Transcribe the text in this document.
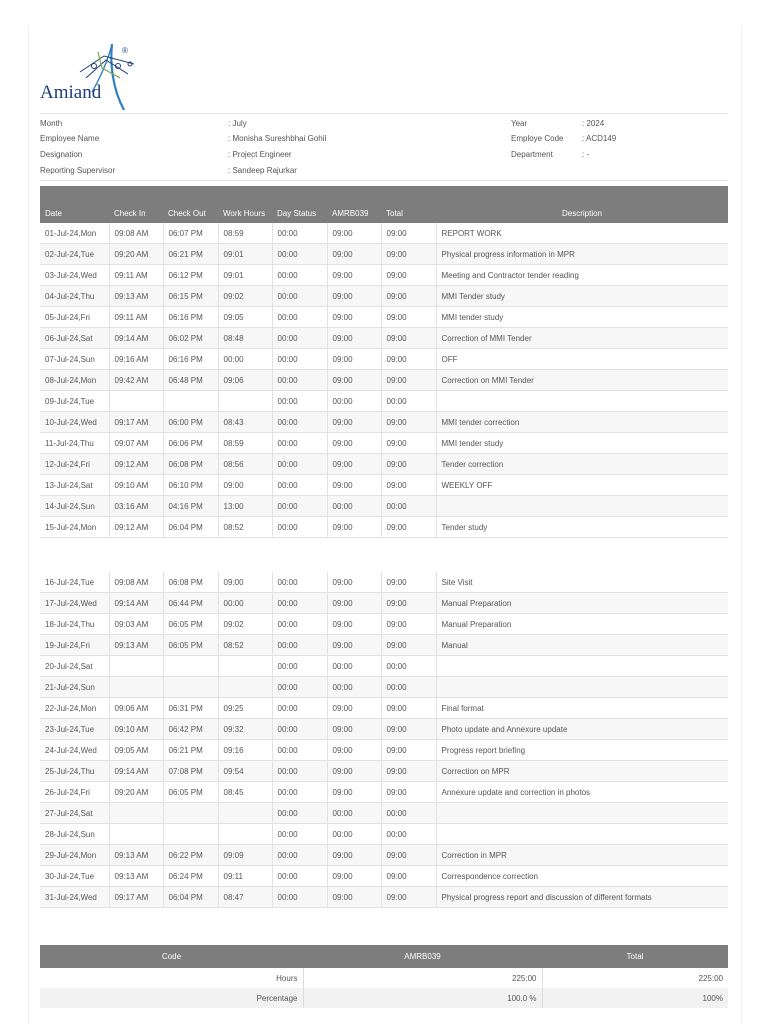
Amiand
®
Month	: July
Employee Name	: Monisha Sureshbhai Gohil
Designation	: Project Engineer
Reporting Supervisor	: Sandeep Rajurkar
Year	: 2024
Employe Code : ACD149
Department	: -
Date	Check In	Check Out	Work Hours	Day Status	AMRB039	Total	Description
01-Jul-24,Mon	09:08 AM	06:07 PM	08:59	00:00	09:00	09:00	REPORT WORK
02-Jul-24,Tue	09:20 AM	06:21 PM	09:01	00:00	09:00	09:00	Physical progress information in MPR
03-Jul-24,Wed	09:11 AM	06:12 PM	09:01	00:00	09:00	09:00	Meeting and Contractor tender reading
04-Jul-24,Thu	09:13 AM	06:15 PM	09:02	00:00	09:00	09:00	MMI Tender study
05-Jul-24,Fri	09:11 AM	06:16 PM	09:05	00:00	09:00	09:00	MMI tender study
06-Jul-24,Sat	09:14 AM	06:02 PM	08:48	00:00	09:00	09:00	Correction of MMI Tender
07-Jul-24,Sun	09:16 AM	06:16 PM	00:00	00:00	09:00	09:00	OFF
08-Jul-24,Mon	09:42 AM	06:48 PM	09:06	00:00	09:00	09:00	Correction on MMI Tender
09-Jul-24,Tue				00:00	00:00	00:00	
10-Jul-24,Wed	09:17 AM	06:00 PM	08:43	00:00	09:00	09:00	MMI tender correction
11-Jul-24,Thu	09:07 AM	06:06 PM	08:59	00:00	09:00	09:00	MMI tender study
12-Jul-24,Fri	09:12 AM	06:08 PM	08:56	00:00	09:00	09:00	Tender correction
13-Jul-24,Sat	09:10 AM	06:10 PM	09:00	00:00	09:00	09:00	WEEKLY OFF
14-Jul-24,Sun	03:16 AM	04:16 PM	13:00	00:00	00:00	00:00	
15-Jul-24,Mon	09:12 AM	06:04 PM	08:52	00:00	09:00	09:00	Tender study
16-Jul-24,Tue	09:08 AM	06:08 PM	09:00	00:00	09:00	09:00	Site Visit
17-Jul-24,Wed	09:14 AM	06:44 PM	00:00	00:00	09:00	09:00	Manual Preparation
18-Jul-24,Thu	09:03 AM	06:05 PM	09:02	00:00	09:00	09:00	Manual Preparation
19-Jul-24,Fri	09:13 AM	06:05 PM	08:52	00:00	09:00	09:00	Manual
20-Jul-24,Sat				00:00	00:00	00:00	
21-Jul-24,Sun				00:00	00:00	00:00	
22-Jul-24,Mon	09:06 AM	06:31 PM	09:25	00:00	09:00	09:00	Final format
23-Jul-24,Tue	09:10 AM	06:42 PM	09:32	00:00	09:00	09:00	Photo update and Annexure update
24-Jul-24,Wed	09:05 AM	06:21 PM	09:16	00:00	09:00	09:00	Progress report briefing
25-Jul-24,Thu	09:14 AM	07:08 PM	09:54	00:00	09:00	09:00	Correction on MPR
26-Jul-24,Fri	09:20 AM	06:05 PM	08:45	00:00	09:00	09:00	Annexure update and correction in photos
27-Jul-24,Sat				00:00	00:00	00:00	
28-Jul-24,Sun				00:00	00:00	00:00	
29-Jul-24,Mon	09:13 AM	06:22 PM	09:09	00:00	09:00	09:00	Correction in MPR
30-Jul-24,Tue	09:13 AM	06:24 PM	09:11	00:00	09:00	09:00	Correspondence correction
31-Jul-24,Wed	09:17 AM	06:04 PM	08:47	00:00	09:00	09:00	Physical progress report and discussion of different formats
Code	AMRB039	Total
Hours	225:00	225:00
Percentage	100.0 %	100%
